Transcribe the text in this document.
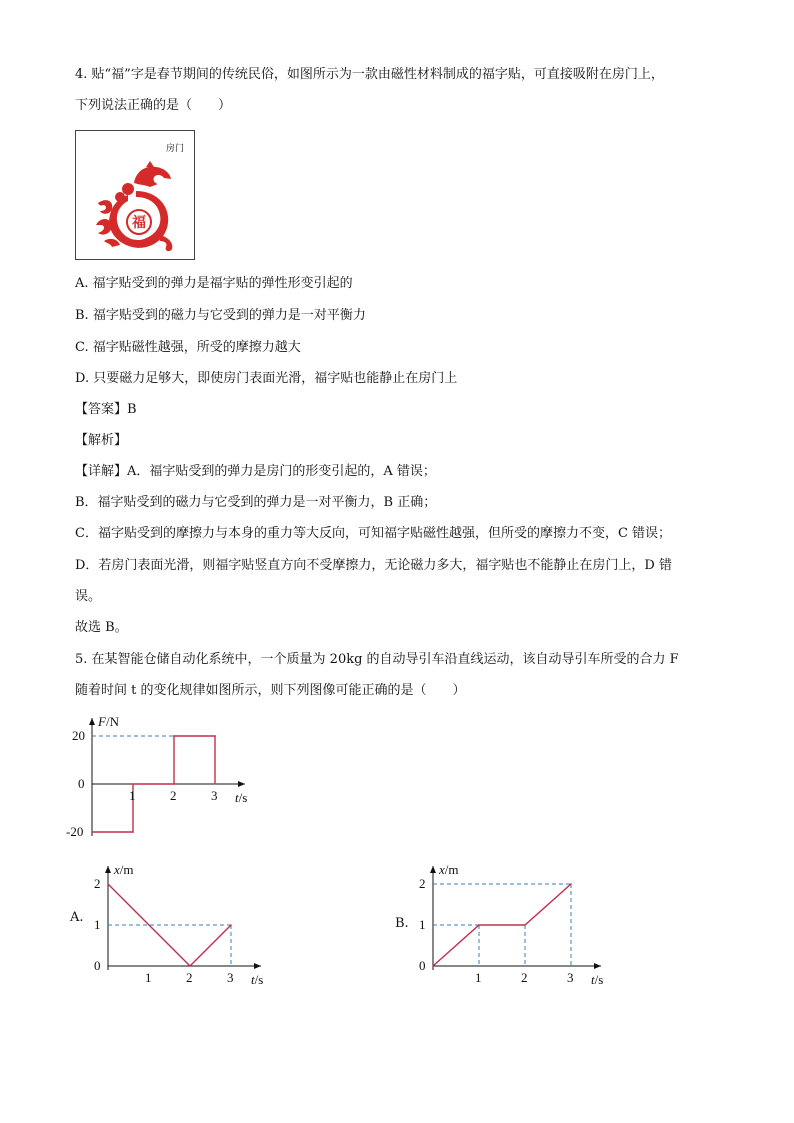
4. 贴“福”字是春节期间的传统民俗，如图所示为一款由磁性材料制成的福字贴，可直接吸附在房门上，
下列说法正确的是（　　）
房门
福
A. 福字贴受到的弹力是福字贴的弹性形变引起的
B. 福字贴受到的磁力与它受到的弹力是一对平衡力
C. 福字贴磁性越强，所受的摩擦力越大
D. 只要磁力足够大，即使房门表面光滑，福字贴也能静止在房门上
【答案】B
【解析】
【详解】A．福字贴受到的弹力是房门的形变引起的，A 错误；
B．福字贴受到的磁力与它受到的弹力是一对平衡力，B 正确；
C．福字贴受到的摩擦力与本身的重力等大反向，可知福字贴磁性越强，但所受的摩擦力不变，C 错误；
D．若房门表面光滑，则福字贴竖直方向不受摩擦力，无论磁力多大，福字贴也不能静止在房门上，D 错
误。
故选 B。
5. 在某智能仓储自动化系统中，一个质量为 20kg 的自动导引车沿直线运动，该自动导引车所受的合力 F
随着时间 t 的变化规律如图所示，则下列图像可能正确的是（　　）
F/N
t/s
1	2	3
20
0
-20
A.
x/m
t/s
1	2	3
2
1
0
B.
x/m
t/s
1	2	3
2
1
0
